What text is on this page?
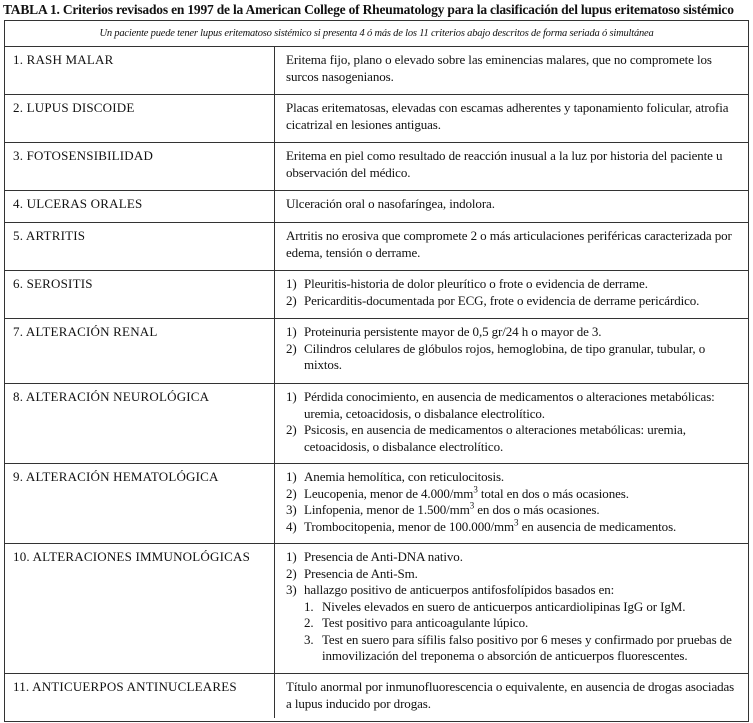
TABLA 1. Criterios revisados en 1997 de la American College of Rheumatology para la clasificación del lupus eritematoso sistémico
Un paciente puede tener lupus eritematoso sistémico si presenta 4 ó más de los 11 criterios abajo descritos de forma seriada ó simultánea
1. RASH MALAR	Eritema fijo, plano o elevado sobre las eminencias malares, que no compromete los surcos nasogenianos.
2. LUPUS DISCOIDE	Placas eritematosas, elevadas con escamas adherentes y taponamiento folicular, atrofia cicatrizal en lesiones antiguas.
3. FOTOSENSIBILIDAD	Eritema en piel como resultado de reacción inusual a la luz por historia del paciente u observación del médico.
4. ULCERAS ORALES	Ulceración oral o nasofaríngea, indolora.
5. ARTRITIS	Artritis no erosiva que compromete 2 o más articulaciones periféricas caracterizada por edema, tensión o derrame.
6. SEROSITIS	1) Pleuritis-historia de dolor pleurítico o frote o evidencia de derrame.
2) Pericarditis-documentada por ECG, frote o evidencia de derrame pericárdico.
7. ALTERACIÓN RENAL	1) Proteinuria persistente mayor de 0,5 gr/24 h o mayor de 3.
2) Cilindros celulares de glóbulos rojos, hemoglobina, de tipo granular, tubular, o mixtos.
8. ALTERACIÓN NEUROLÓGICA	1) Pérdida conocimiento, en ausencia de medicamentos o alteraciones metabólicas: uremia, cetoacidosis, o disbalance electrolítico.
2) Psicosis, en ausencia de medicamentos o alteraciones metabólicas: uremia, cetoacidosis, o disbalance electrolítico.
9. ALTERACIÓN HEMATOLÓGICA	1) Anemia hemolítica, con reticulocitosis.
2) Leucopenia, menor de $4.000/mm^3$ total en dos o más ocasiones.
3) Linfopenia, menor de $1.500/mm^3$ en dos o más ocasiones.
4) Trombocitopenia, menor de $100.000/mm^3$ en ausencia de medicamentos.
10. ALTERACIONES IMMUNOLÓGICAS	1) Presencia de Anti-DNA nativo.
2) Presencia de Anti-Sm.
3) hallazgo positivo de anticuerpos antifosfolípidos basados en:
1. Niveles elevados en suero de anticuerpos anticardiolipinas IgG or IgM.
2. Test positivo para anticoagulante lúpico.
3. Test en suero para sífilis falso positivo por 6 meses y confirmado por pruebas de inmovilización del treponema o absorción de anticuerpos fluorescentes.
11. ANTICUERPOS ANTINUCLEARES	Título anormal por inmunofluorescencia o equivalente, en ausencia de drogas asociadas a lupus inducido por drogas.
